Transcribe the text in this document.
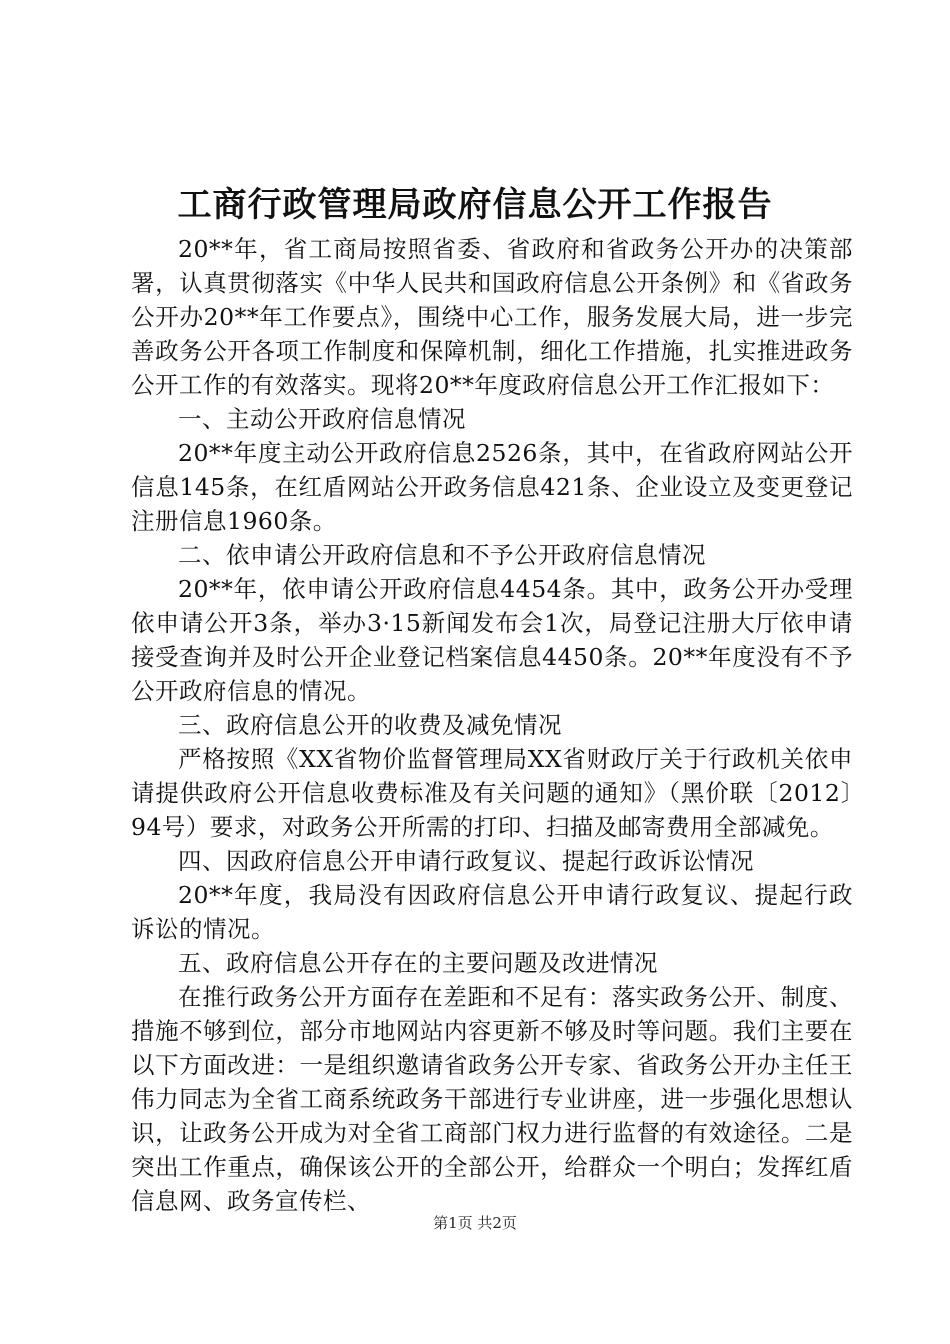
工商行政管理局政府信息公开工作报告

20**年，省工商局按照省委、省政府和省政务公开办的决策部署，认真贯彻落实《中华人民共和国政府信息公开条例》和《省政务公开办20**年工作要点》，围绕中心工作，服务发展大局，进一步完善政务公开各项工作制度和保障机制，细化工作措施，扎实推进政务公开工作的有效落实。现将20**年度政府信息公开工作汇报如下：

一、主动公开政府信息情况

20**年度主动公开政府信息2526条，其中，在省政府网站公开信息145条，在红盾网站公开政务信息421条、企业设立及变更登记注册信息1960条。

二、依申请公开政府信息和不予公开政府信息情况

20**年，依申请公开政府信息4454条。其中，政务公开办受理依申请公开3条，举办3·15新闻发布会1次，局登记注册大厅依申请接受查询并及时公开企业登记档案信息4450条。20**年度没有不予公开政府信息的情况。

三、政府信息公开的收费及减免情况

严格按照《XX省物价监督管理局XX省财政厅关于行政机关依申请提供政府公开信息收费标准及有关问题的通知》（黑价联〔2012〕94号）要求，对政务公开所需的打印、扫描及邮寄费用全部减免。

四、因政府信息公开申请行政复议、提起行政诉讼情况

20**年度，我局没有因政府信息公开申请行政复议、提起行政诉讼的情况。

五、政府信息公开存在的主要问题及改进情况

在推行政务公开方面存在差距和不足有：落实政务公开、制度、措施不够到位，部分市地网站内容更新不够及时等问题。我们主要在以下方面改进：一是组织邀请省政务公开专家、省政务公开办主任王伟力同志为全省工商系统政务干部进行专业讲座，进一步强化思想认识，让政务公开成为对全省工商部门权力进行监督的有效途径。二是突出工作重点，确保该公开的全部公开，给群众一个明白；发挥红盾信息网、政务宣传栏、

第1页 共2页
